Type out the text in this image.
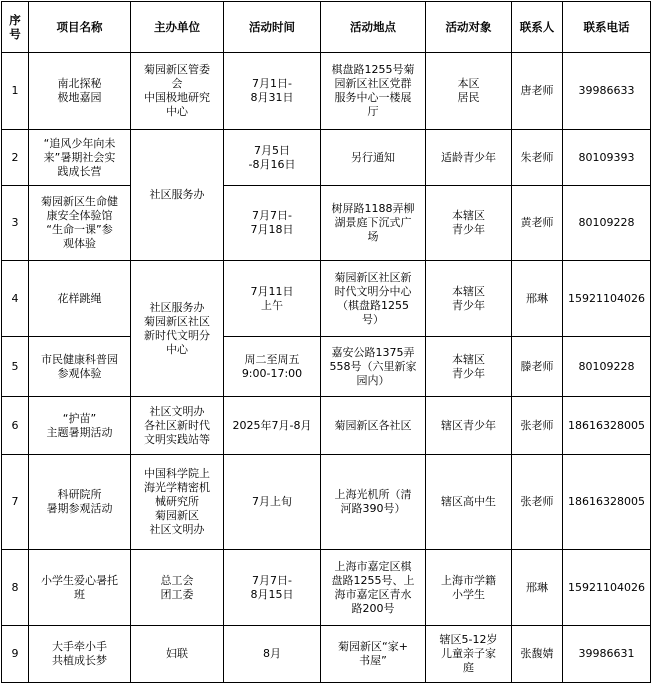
序
号	项目名称	主办单位	活动时间	活动地点	活动对象	联系人	联系电话
1	南北探秘
极地嘉园	菊园新区管委
会
中国极地研究
中心	7月1日-
8月31日	棋盘路1255号菊
园新区社区党群
服务中心一楼展
厅	本区
居民	唐老师	39986633
2	“追风少年向未
来”暑期社会实
践成长营	社区服务办	7月5日
-8月16日	另行通知	适龄青少年	朱老师	80109393
3	菊园新区生命健
康安全体验馆
“生命一课”参
观体验		7月7日-
7月18日	树屏路1188弄柳
湖景庭下沉式广
场	本辖区
青少年	黄老师	80109228
4	花样跳绳	社区服务办
菊园新区社区
新时代文明分
中心	7月11日
上午	菊园新区社区新
时代文明分中心
（棋盘路1255
号）	本辖区
青少年	邢琳	15921104026
5	市民健康科普园
参观体验		周二至周五
9:00-17:00	嘉安公路1375弄
558号（六里新家
园内）	本辖区
青少年	滕老师	80109228
6	“护苗”
主题暑期活动	社区文明办
各社区新时代
文明实践站等	2025年7月-8月	菊园新区各社区	辖区青少年	张老师	18616328005
7	科研院所
暑期参观活动	中国科学院上
海光学精密机
械研究所
菊园新区
社区文明办	7月上旬	上海光机所（清
河路390号）	辖区高中生	张老师	18616328005
8	小学生爱心暑托
班	总工会
团工委	7月7日-
8月15日	上海市嘉定区棋
盘路1255号、上
海市嘉定区青水
路200号	上海市学籍
小学生	邢琳	15921104026
9	大手牵小手
共植成长梦	妇联	8月	菊园新区“家+
书屋”	辖区5-12岁
儿童亲子家
庭	张馥婧	39986631
